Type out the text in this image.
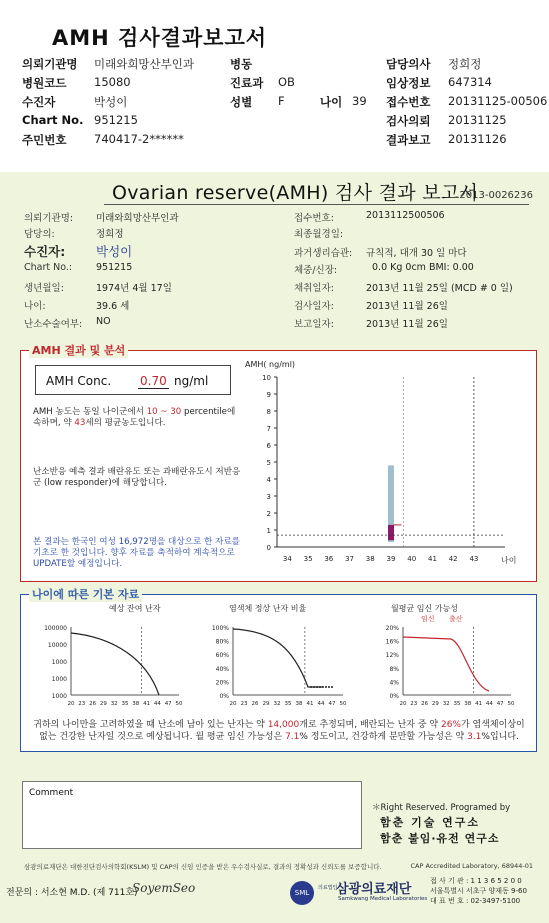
AMH 검사결과보고서
의뢰기관명 미래와희망산부인과	병동	담당의사 정희정
병원코드 15080	진료과 OB	임상정보 647314
수진자	박성이	성별 F	나이 39 접수번호 20131125-00506
Chart No. 951215	검사의뢰 20131125
주민번호 740417-2******	결과보고 20131126
2013-0026236
Ovarian reserve(AMH) 검사 결과 보고서
의뢰기관명: 미래와희망산부인과	접수번호:	2013112500506
담당의:	정희정	최종월경일:
수진자: 박성이	과거생리습관: 규칙적, 대개 30 일 마다
Chart No.:	951215	체중/신장:	0.0 Kg 0cm BMI: 0.00
생년월일:	1974년 4월 17일	채취일자:	2013년 11월 25일 (MCD # 0 일)
나이:	39.6 세	검사일자:	2013년 11월 26일
난소수술여부: NO	보고일자:	2013년 11월 26일
AMH 결과 및 분석
AMH Conc. 0.70 ng/ml
AMH 농도는 동일 나이군에서 10 ~ 30 percentile에 속하며, 약 43세의 평균농도입니다.
난소반응 예측 결과 배란유도 또는 과배란유도시 저반응군 (low responder)에 해당합니다.
본 결과는 한국인 여성 16,972명을 대상으로 한 자료를 기초로 한 것입니다. 향후 자료를 축적하여 계속적으로 UPDATE할 예정입니다.
AMH( ng/ml)
나이
0
1
2
3
4
5
6
7
8
9
10
34 35 36 37 38 39 40 41 42 43
나이에 따른 기본 자료
예상 잔여 난자	염색체 정상 난자 비율	월평균 임신 가능성
임신 출산
100000
10000
1000
1000
1000
20 23 26 29 32 35 38 41 44 47 50
100%
80%
60%
40%
20%
0%
20 23 26 29 32 35 38 41 44 47 50
20%
16%
12%
8%
4%
0%
20 23 26 29 32 35 38 41 44 47 50
귀하의 나이만을 고려하였을 때 난소에 남아 있는 난자는 약 14,000개로 추정되며, 배란되는 난자 중 약 26%가 염색체이상이 없는 건강한 난자일 것으로 예상됩니다. 월 평균 임신 가능성은 7.1% 정도이고, 건강하게 분만할 가능성은 약 3.1%입니다.
Comment
＊Right Reserved. Programed by
함춘 기술 연구소
함춘 불임·유전 연구소
삼광의료재단은 대한진단검사의학회(KSLM) 및 CAP의 신임 인증을 받은 우수검사실로, 결과의 정확성과 신뢰도를 보증합니다.	CAP Accredited Laboratory, 68944-01
전문의 : 서소현 M.D. (제 711호)
SoyemSeo	SML
의료법인
삼광의료재단
Samkwang Medical Laboratories
접 사 기 관 : 1 1 3 6 5 2 0 0
서울특별시 서초구 양재동 9-60
대 표 번 호 : 02-3497-5100
